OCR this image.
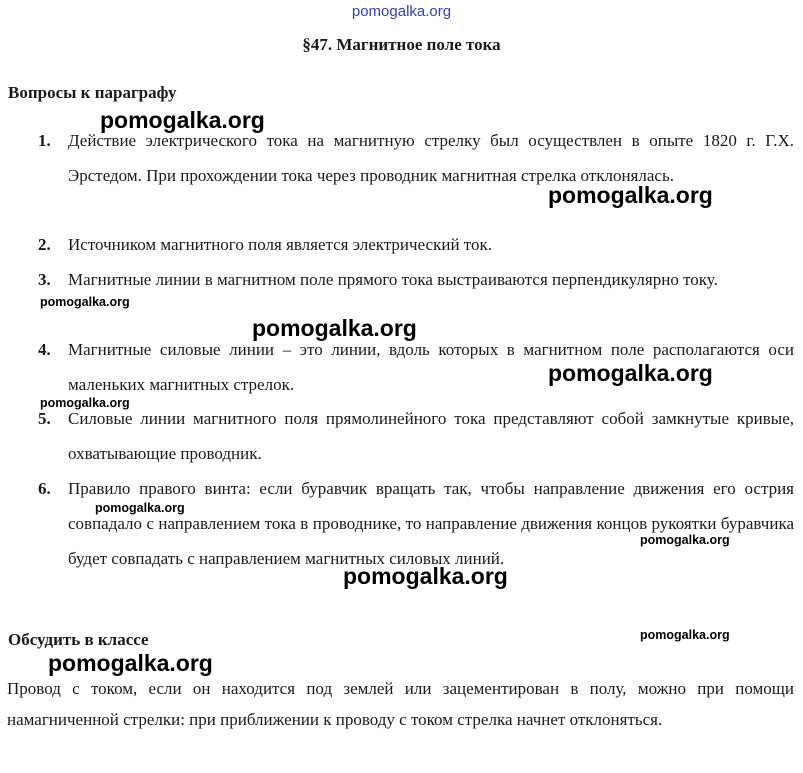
pomogalka.org
§47. Магнитное поле тока
Вопросы к параграфу
1. Действие электрического тока на магнитную стрелку был осуществлен в опыте 1820 г. Г.Х. Эрстедом. При прохождении тока через проводник магнитная стрелка отклонялась.
2. Источником магнитного поля является электрический ток.
3. Магнитные линии в магнитном поле прямого тока выстраиваются перпендикулярно току.
4. Магнитные силовые линии – это линии, вдоль которых в магнитном поле располагаются оси маленьких магнитных стрелок.
5. Силовые линии магнитного поля прямолинейного тока представляют собой замкнутые кривые, охватывающие проводник.
6. Правило правого винта: если буравчик вращать так, чтобы направление движения его острия совпадало с направлением тока в проводнике, то направление движения концов рукоятки буравчика будет совпадать с направлением магнитных силовых линий.
Обсудить в классе
Провод с током, если он находится под землей или зацементирован в полу, можно при помощи намагниченной стрелки: при приближении к проводу с током стрелка начнет отклоняться.
pomogalka.org
pomogalka.org
pomogalka.org
pomogalka.org
pomogalka.org
pomogalka.org
pomogalka.org
pomogalka.org
pomogalka.org
pomogalka.org
pomogalka.org
